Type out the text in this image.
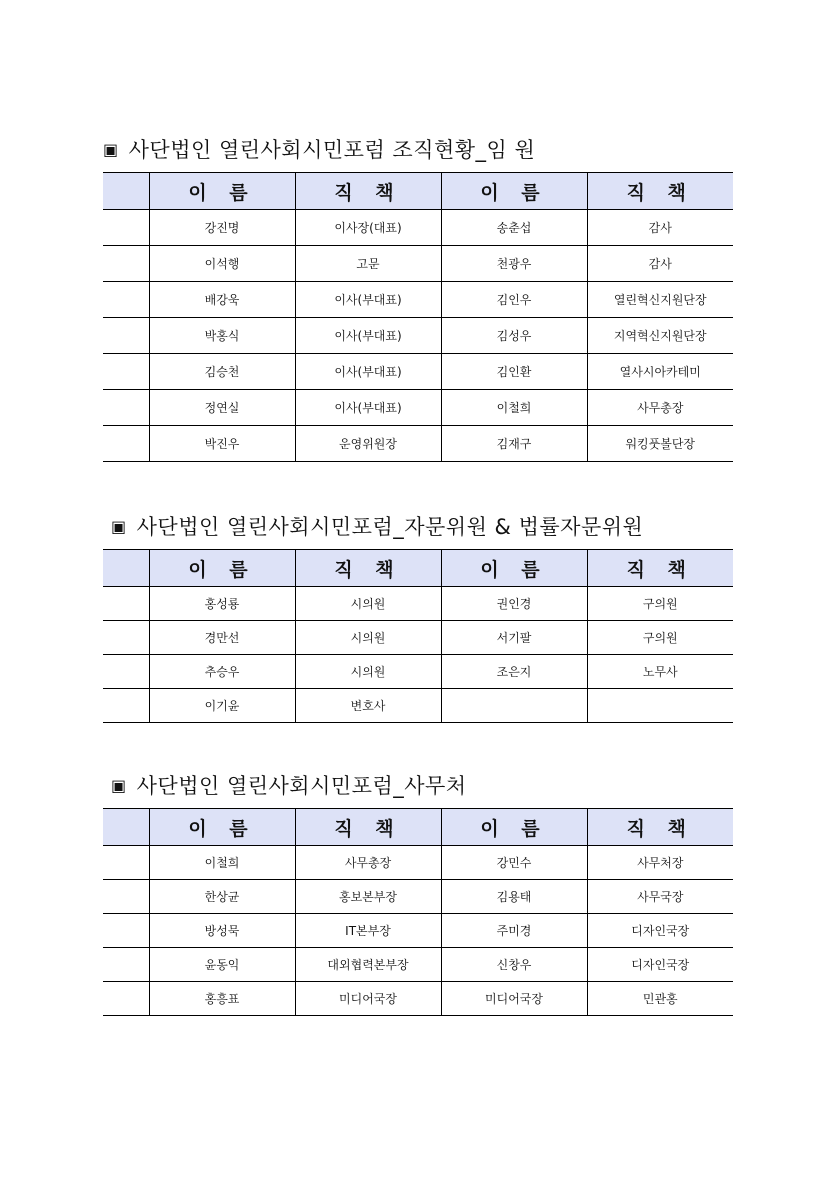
▣ 사단법인 열린사회시민포럼 조직현황_임 원
	이 름	직 책	이 름	직 책
	강진명	이사장(대표)	송춘섭	감사
	이석행	고문	천광우	감사
	배강욱	이사(부대표)	김인우	열린혁신지원단장
	박홍식	이사(부대표)	김성우	지역혁신지원단장
	김승천	이사(부대표)	김인환	열사시아카테미
	정연실	이사(부대표)	이철희	사무총장
	박진우	운영위원장	김재구	워킹풋볼단장
▣ 사단법인 열린사회시민포럼_자문위원 & 법률자문위원
	이 름	직 책	이 름	직 책
	홍성룡	시의원	권인경	구의원
	경만선	시의원	서기팔	구의원
	추승우	시의원	조은지	노무사
	이기윤	변호사		
▣ 사단법인 열린사회시민포럼_사무처
	이 름	직 책	이 름	직 책
	이철희	사무총장	강민수	사무처장
	한상균	홍보본부장	김용태	사무국장
	방성묵	IT본부장	주미경	디자인국장
	윤동익	대외협력본부장	신창우	디자인국장
	홍흥표	미디어국장	미디어국장	민관홍
